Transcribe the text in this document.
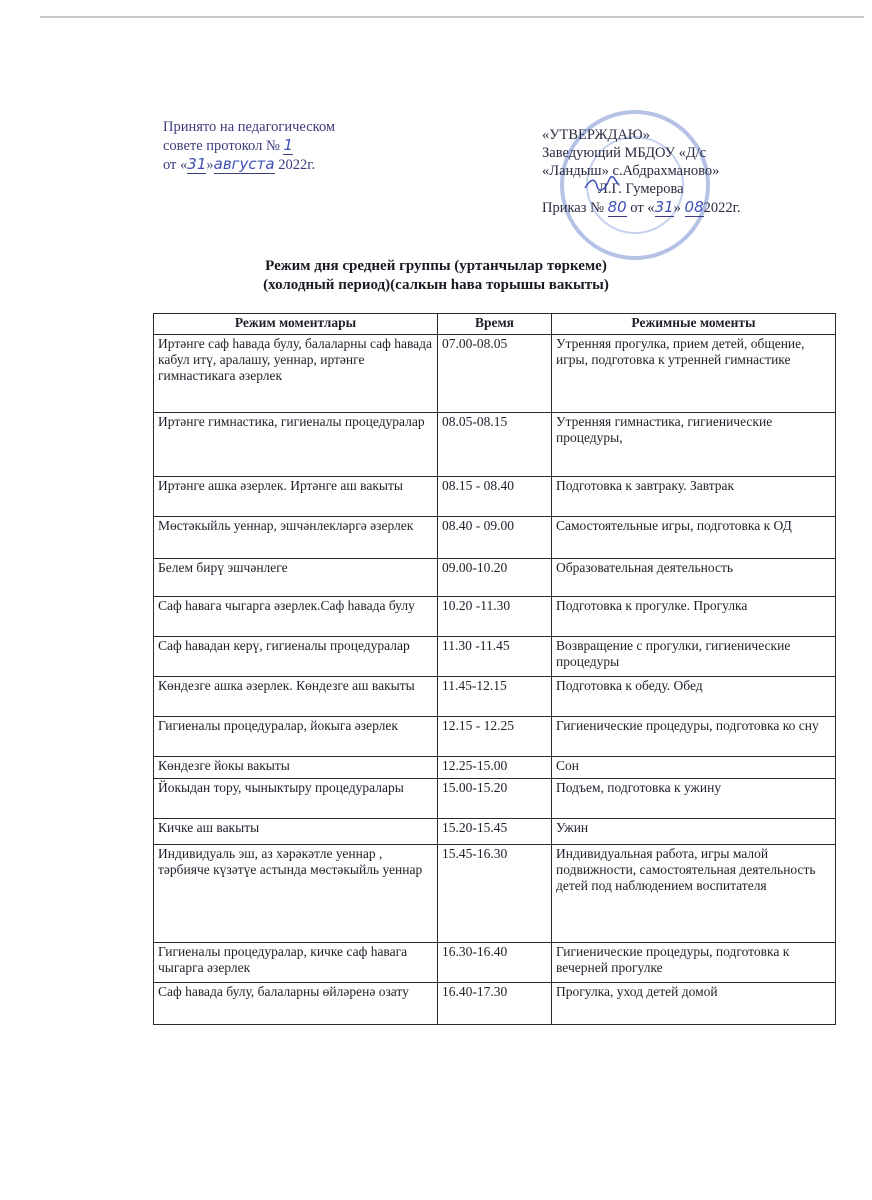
Принято на педагогическом
совете протокол № 1
от «31»августа 2022г.
«УТВЕРЖДАЮ»
Заведующий МБДОУ «Д/с
«Ландыш» с.Абдрахманово»
Л.Г. Гумерова
Приказ № 80 от «31» 082022г.
Режим дня средней группы (уртанчылар төркеме)
(холодный период)(салкын һава торышы вакыты)
Режим моментлары	Время	Режимные моменты
Иртәнге саф һавада булу, балаларны саф һавада кабул итү, аралашу, уеннар, иртәнге гимнастикага әзерлек	07.00-08.05	Утренняя прогулка, прием детей, общение, игры, подготовка к утренней гимнастике
Иртәнге гимнастика, гигиеналы процедуралар	08.05-08.15	Утренняя гимнастика, гигиенические процедуры,
Иртәнге ашка әзерлек. Иртәнге аш вакыты	08.15 - 08.40	Подготовка к завтраку. Завтрак
Мөстәкыйль уеннар, эшчәнлекләргә әзерлек	08.40 - 09.00	Самостоятельные игры, подготовка к ОД
Белем бирү эшчәнлеге	09.00-10.20	Образовательная деятельность
Саф һавага чыгарга әзерлек.Саф һавада булу	10.20 -11.30	Подготовка к прогулке. Прогулка
Саф һавадан керү, гигиеналы процедуралар	11.30 -11.45	Возвращение с прогулки, гигиенические процедуры
Көндезге ашка әзерлек. Көндезге аш вакыты	11.45-12.15	Подготовка к обеду. Обед
Гигиеналы процедуралар, йокыга әзерлек	12.15 - 12.25	Гигиенические процедуры, подготовка ко сну
Көндезге йокы вакыты	12.25-15.00	Сон
Йокыдан тору, чыныктыру процедуралары	15.00-15.20	Подъем, подготовка к ужину
Кичке аш вакыты	15.20-15.45	Ужин
Индивидуаль эш, аз хәрәкәтле уеннар , тәрбияче күзәтүе астында мөстәкыйль уеннар	15.45-16.30	Индивидуальная работа, игры малой подвижности, самостоятельная деятельность детей под наблюдением воспитателя
Гигиеналы процедуралар, кичке саф һавага чыгарга әзерлек	16.30-16.40	Гигиенические процедуры, подготовка к вечерней прогулке
Саф һавада булу, балаларны өйләренә озату	16.40-17.30	Прогулка, уход детей домой
